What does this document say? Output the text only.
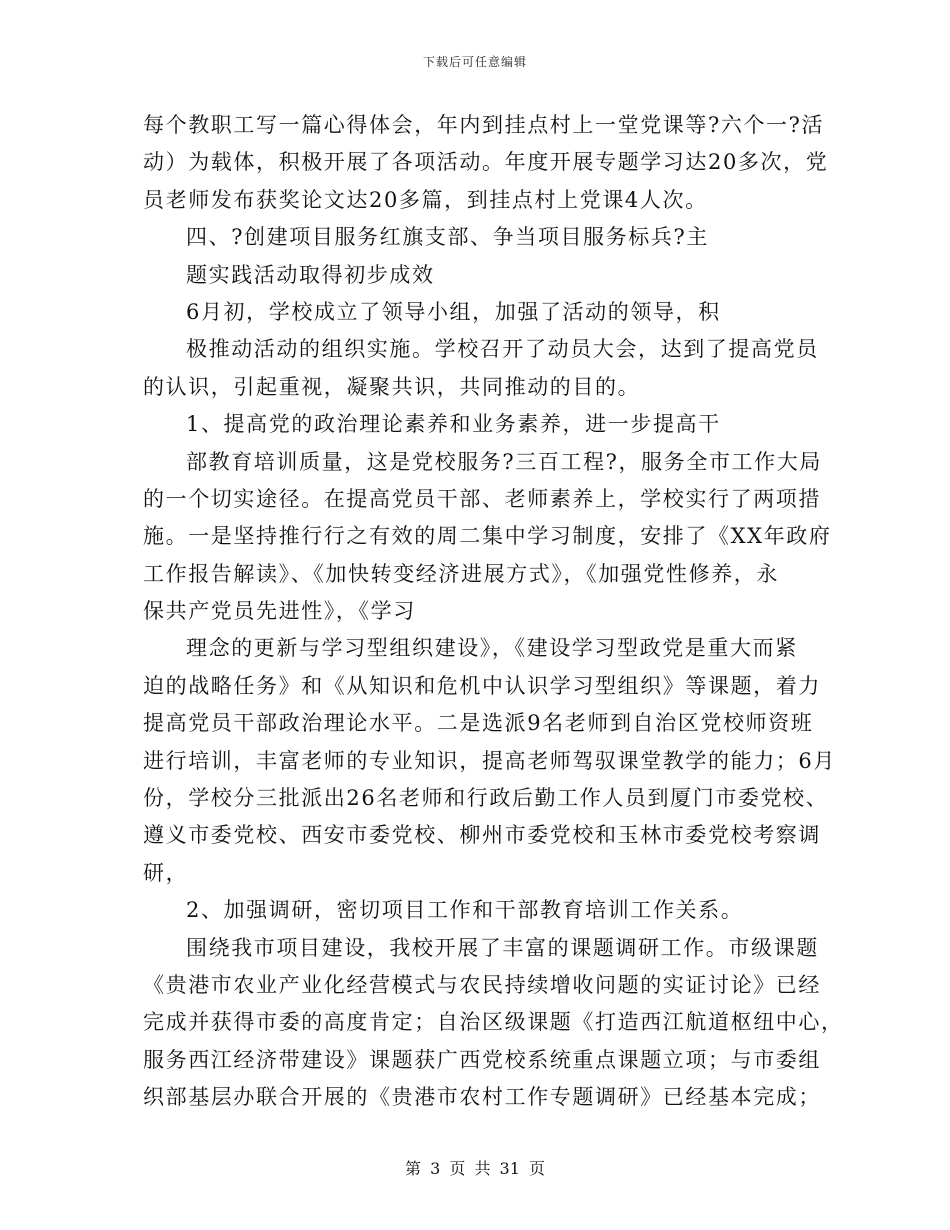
下载后可任意编辑
每个教职工写一篇心得体会，年内到挂点村上一堂党课等?六个一?活
动）为载体，积极开展了各项活动。年度开展专题学习达20多次，党
员老师发布获奖论文达20多篇，到挂点村上党课4人次。
四、?创建项目服务红旗支部、争当项目服务标兵?主
题实践活动取得初步成效
6月初，学校成立了领导小组，加强了活动的领导，积
极推动活动的组织实施。学校召开了动员大会，达到了提高党员
的认识，引起重视，凝聚共识，共同推动的目的。
1、提高党的政治理论素养和业务素养，进一步提高干
部教育培训质量，这是党校服务?三百工程?，服务全市工作大局
的一个切实途径。在提高党员干部、老师素养上，学校实行了两项措
施。一是坚持推行行之有效的周二集中学习制度，安排了《XX年政府
工作报告解读》、《加快转变经济进展方式》，《加强党性修养，永
保共产党员先进性》，《学习
理念的更新与学习型组织建设》，《建设学习型政党是重大而紧
迫的战略任务》和《从知识和危机中认识学习型组织》等课题，着力
提高党员干部政治理论水平。二是选派9名老师到自治区党校师资班
进行培训，丰富老师的专业知识，提高老师驾驭课堂教学的能力；6月
份，学校分三批派出26名老师和行政后勤工作人员到厦门市委党校、
遵义市委党校、西安市委党校、柳州市委党校和玉林市委党校考察调
研，
2、加强调研，密切项目工作和干部教育培训工作关系。
围绕我市项目建设，我校开展了丰富的课题调研工作。市级课题
《贵港市农业产业化经营模式与农民持续增收问题的实证讨论》已经
完成并获得市委的高度肯定；自治区级课题《打造西江航道枢纽中心，
服务西江经济带建设》课题获广西党校系统重点课题立项；与市委组
织部基层办联合开展的《贵港市农村工作专题调研》已经基本完成；
第 3 页 共 31 页
